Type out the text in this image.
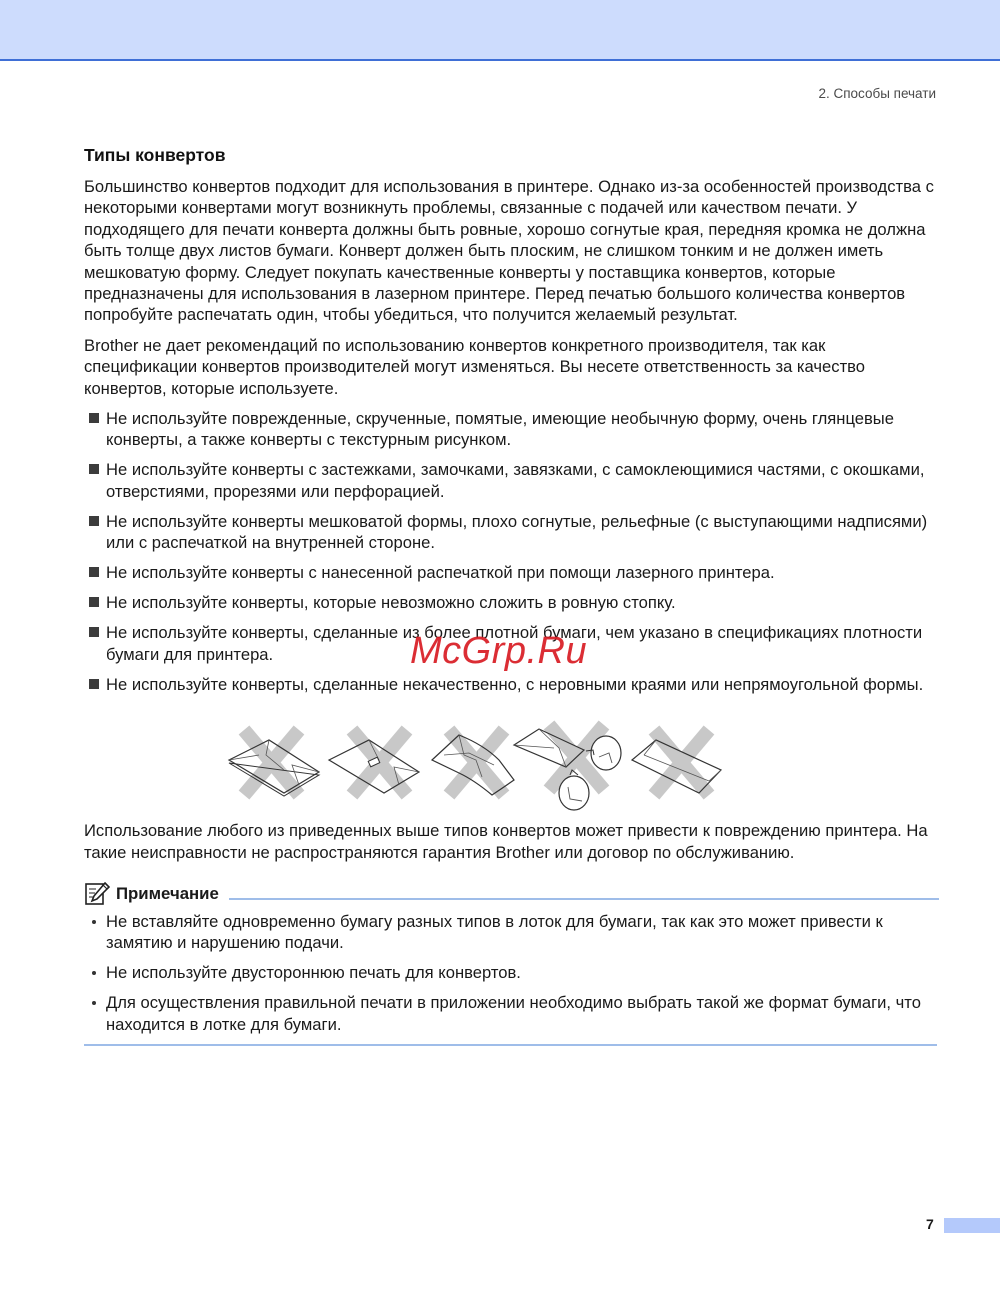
2. Способы печати
Типы конвертов

Большинство конвертов подходит для использования в принтере. Однако из-за особенностей производства с некоторыми конвертами могут возникнуть проблемы, связанные с подачей или качеством печати. У подходящего для печати конверта должны быть ровные, хорошо согнутые края, передняя кромка не должна быть толще двух листов бумаги. Конверт должен быть плоским, не слишком тонким и не должен иметь мешковатую форму. Следует покупать качественные конверты у поставщика конвертов, которые предназначены для использования в лазерном принтере. Перед печатью большого количества конвертов попробуйте распечатать один, чтобы убедиться, что получится желаемый результат.

Brother не дает рекомендаций по использованию конвертов конкретного производителя, так как спецификации конвертов производителей могут изменяться. Вы несете ответственность за качество конвертов, которые используете.

Не используйте поврежденные, скрученные, помятые, имеющие необычную форму, очень глянцевые конверты, а также конверты с текстурным рисунком.
Не используйте конверты с застежками, замочками, завязками, с самоклеющимися частями, с окошками, отверстиями, прорезями или перфорацией.
Не используйте конверты мешковатой формы, плохо согнутые, рельефные (с выступающими надписями) или с распечаткой на внутренней стороне.
Не используйте конверты с нанесенной распечаткой при помощи лазерного принтера.
Не используйте конверты, которые невозможно сложить в ровную стопку.
Не используйте конверты, сделанные из более плотной бумаги, чем указано в спецификациях плотности бумаги для принтера.
Не используйте конверты, сделанные некачественно, с неровными краями или непрямоугольной формы.

Использование любого из приведенных выше типов конвертов может привести к повреждению принтера. На такие неисправности не распространяются гарантия Brother или договор по обслуживанию.

Примечание
Не вставляйте одновременно бумагу разных типов в лоток для бумаги, так как это может привести к замятию и нарушению подачи.
Не используйте двустороннюю печать для конвертов.
Для осуществления правильной печати в приложении необходимо выбрать такой же формат бумаги, что находится в лотке для бумаги.
McGrp.Ru
7
